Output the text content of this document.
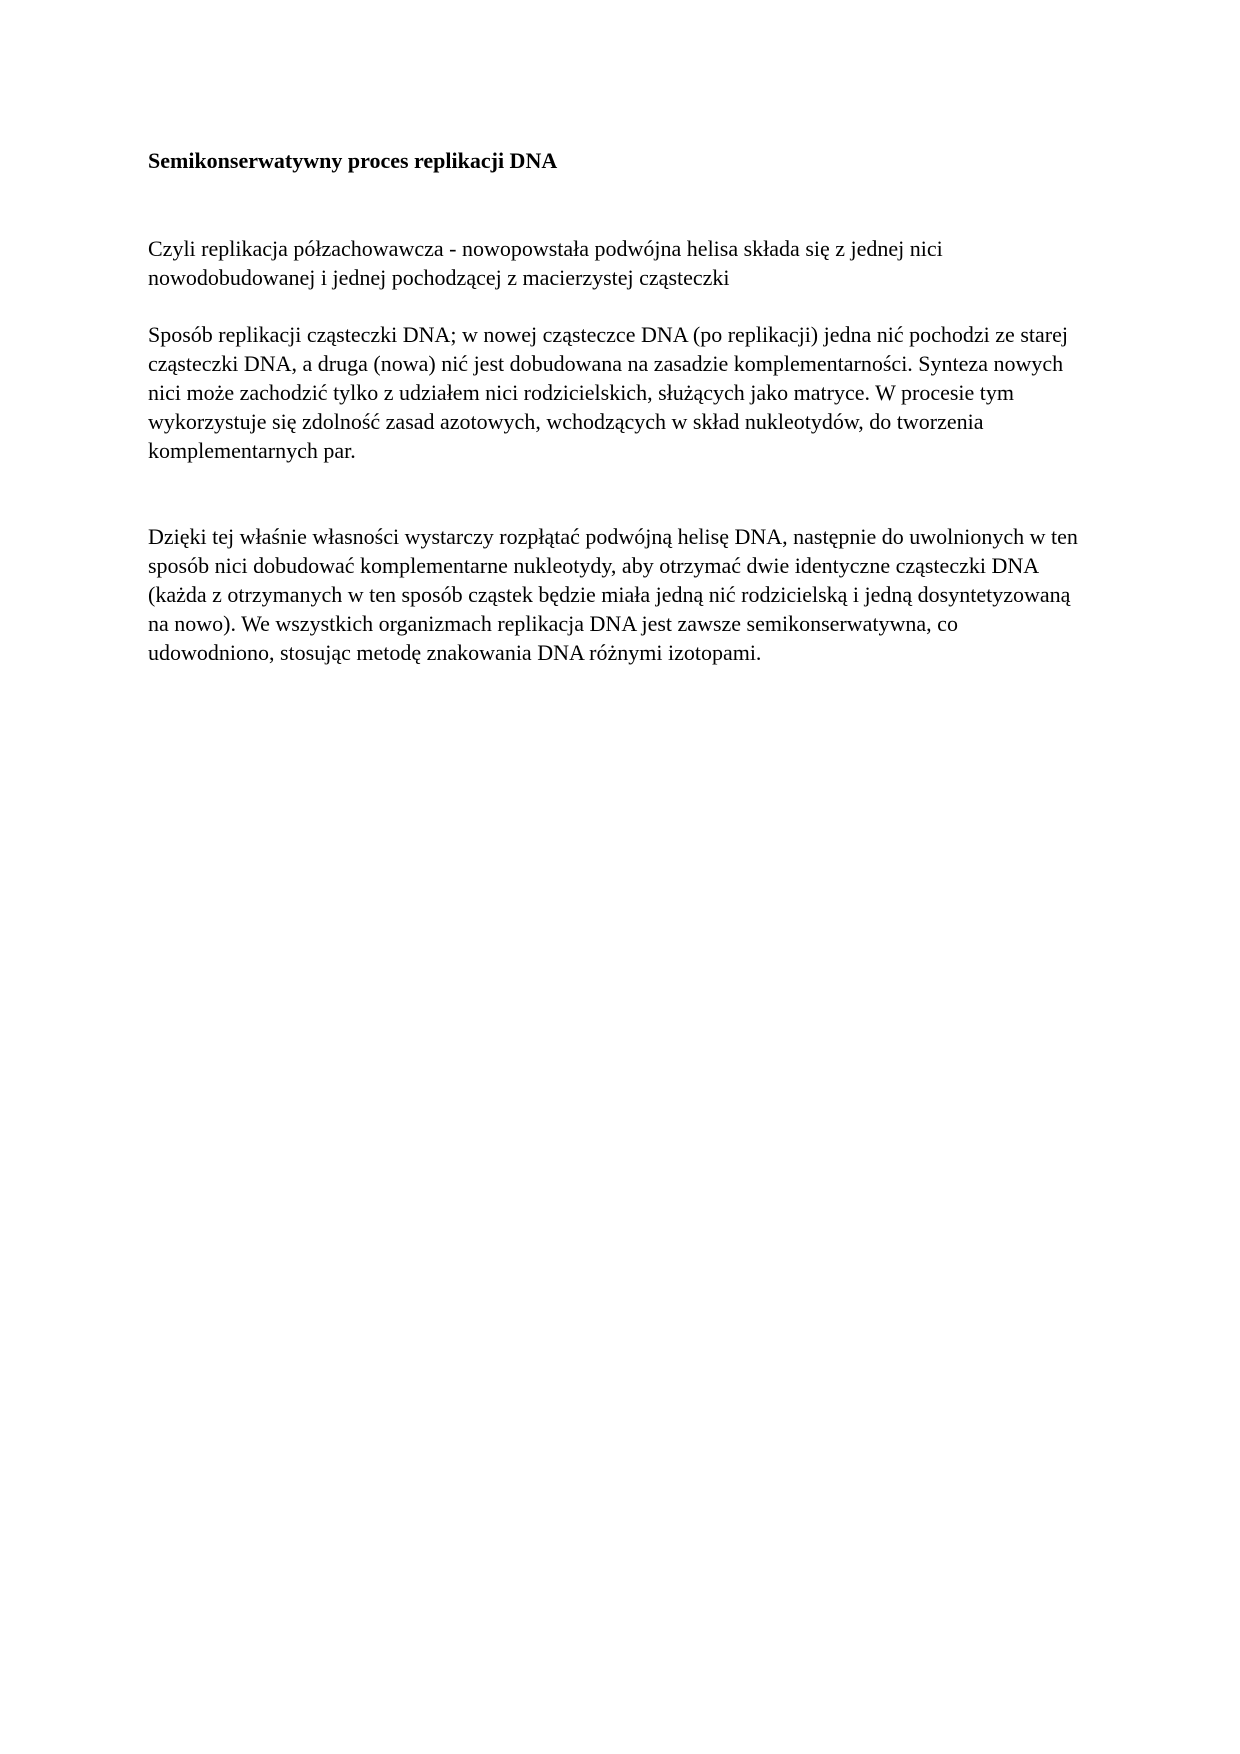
Semikonserwatywny proces replikacji DNA

Czyli replikacja półzachowawcza - nowopowstała podwójna helisa składa się z jednej nici nowodobudowanej i jednej pochodzącej z macierzystej cząsteczki

Sposób replikacji cząsteczki DNA; w nowej cząsteczce DNA (po replikacji) jedna nić pochodzi ze starej cząsteczki DNA, a druga (nowa) nić jest dobudowana na zasadzie komplementarności. Synteza nowych nici może zachodzić tylko z udziałem nici rodzicielskich, służących jako matryce. W procesie tym wykorzystuje się zdolność zasad azotowych, wchodzących w skład nukleotydów, do tworzenia komplementarnych par.

Dzięki tej właśnie własności wystarczy rozpłątać podwójną helisę DNA, następnie do uwolnionych w ten sposób nici dobudować komplementarne nukleotydy, aby otrzymać dwie identyczne cząsteczki DNA (każda z otrzymanych w ten sposób cząstek będzie miała jedną nić rodzicielską i jedną dosyntetyzowaną na nowo). We wszystkich organizmach replikacja DNA jest zawsze semikonserwatywna, co udowodniono, stosując metodę znakowania DNA różnymi izotopami.
